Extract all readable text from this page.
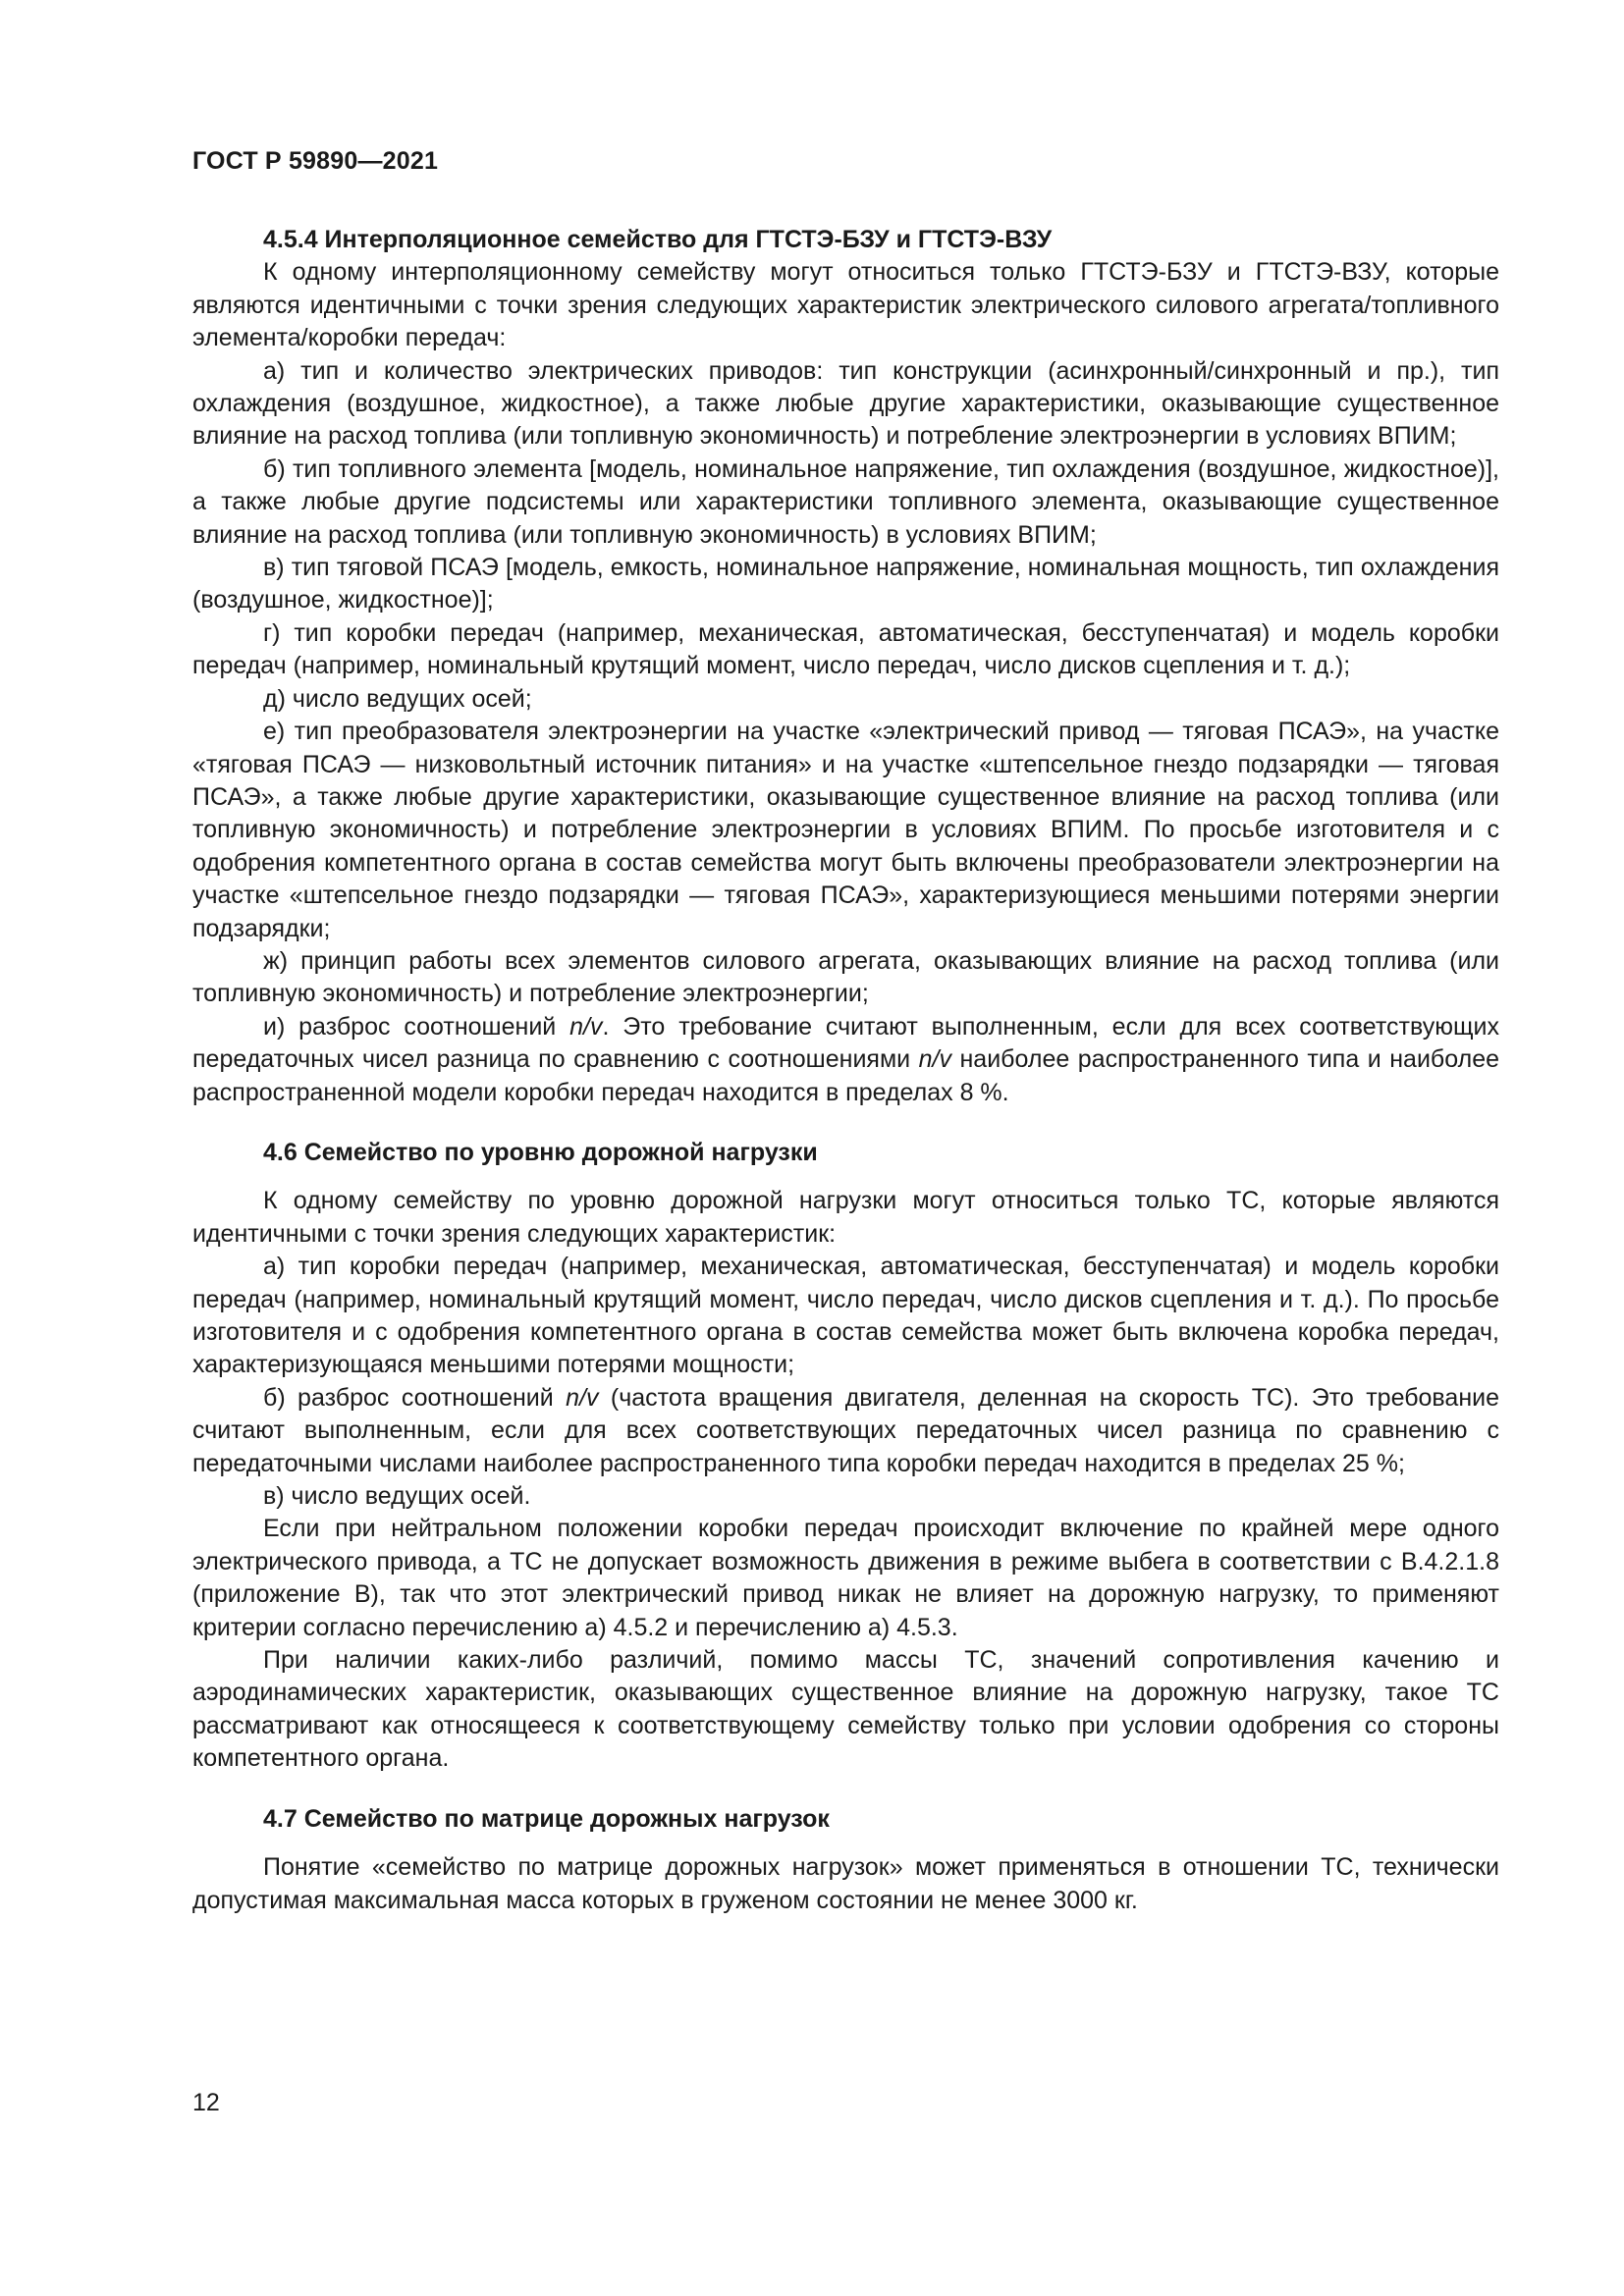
ГОСТ Р 59890—2021
4.5.4 Интерполяционное семейство для ГТСТЭ-БЗУ и ГТСТЭ-ВЗУ

К одному интерполяционному семейству могут относиться только ГТСТЭ-БЗУ и ГТСТЭ-ВЗУ, которые являются идентичными с точки зрения следующих характеристик электрического силового агрегата/топливного элемента/коробки передач:

а) тип и количество электрических приводов: тип конструкции (асинхронный/синхронный и пр.), тип охлаждения (воздушное, жидкостное), а также любые другие характеристики, оказывающие существенное влияние на расход топлива (или топливную экономичность) и потребление электроэнергии в условиях ВПИМ;

б) тип топливного элемента [модель, номинальное напряжение, тип охлаждения (воздушное, жидкостное)], а также любые другие подсистемы или характеристики топливного элемента, оказывающие существенное влияние на расход топлива (или топливную экономичность) в условиях ВПИМ;

в) тип тяговой ПСАЭ [модель, емкость, номинальное напряжение, номинальная мощность, тип охлаждения (воздушное, жидкостное)];

г) тип коробки передач (например, механическая, автоматическая, бесступенчатая) и модель коробки передач (например, номинальный крутящий момент, число передач, число дисков сцепления и т. д.);

д) число ведущих осей;

е) тип преобразователя электроэнергии на участке «электрический привод — тяговая ПСАЭ», на участке «тяговая ПСАЭ — низковольтный источник питания» и на участке «штепсельное гнездо подзарядки — тяговая ПСАЭ», а также любые другие характеристики, оказывающие существенное влияние на расход топлива (или топливную экономичность) и потребление электроэнергии в условиях ВПИМ. По просьбе изготовителя и с одобрения компетентного органа в состав семейства могут быть включены преобразователи электроэнергии на участке «штепсельное гнездо подзарядки — тяговая ПСАЭ», характеризующиеся меньшими потерями энергии подзарядки;

ж) принцип работы всех элементов силового агрегата, оказывающих влияние на расход топлива (или топливную экономичность) и потребление электроэнергии;

и) разброс соотношений n/v. Это требование считают выполненным, если для всех соответствующих передаточных чисел разница по сравнению с соотношениями n/v наиболее распространенного типа и наиболее распространенной модели коробки передач находится в пределах 8 %.

4.6 Семейство по уровню дорожной нагрузки

К одному семейству по уровню дорожной нагрузки могут относиться только ТС, которые являются идентичными с точки зрения следующих характеристик:

а) тип коробки передач (например, механическая, автоматическая, бесступенчатая) и модель коробки передач (например, номинальный крутящий момент, число передач, число дисков сцепления и т. д.). По просьбе изготовителя и с одобрения компетентного органа в состав семейства может быть включена коробка передач, характеризующаяся меньшими потерями мощности;

б) разброс соотношений n/v (частота вращения двигателя, деленная на скорость ТС). Это требование считают выполненным, если для всех соответствующих передаточных чисел разница по сравнению с передаточными числами наиболее распространенного типа коробки передач находится в пределах 25 %;

в) число ведущих осей.

Если при нейтральном положении коробки передач происходит включение по крайней мере одного электрического привода, а ТС не допускает возможность движения в режиме выбега в соответствии с В.4.2.1.8 (приложение В), так что этот электрический привод никак не влияет на дорожную нагрузку, то применяют критерии согласно перечислению а) 4.5.2 и перечислению а) 4.5.3.

При наличии каких-либо различий, помимо массы ТС, значений сопротивления качению и аэродинамических характеристик, оказывающих существенное влияние на дорожную нагрузку, такое ТС рассматривают как относящееся к соответствующему семейству только при условии одобрения со стороны компетентного органа.

4.7 Семейство по матрице дорожных нагрузок

Понятие «семейство по матрице дорожных нагрузок» может применяться в отношении ТС, технически допустимая максимальная масса которых в груженом состоянии не менее 3000 кг.

12
